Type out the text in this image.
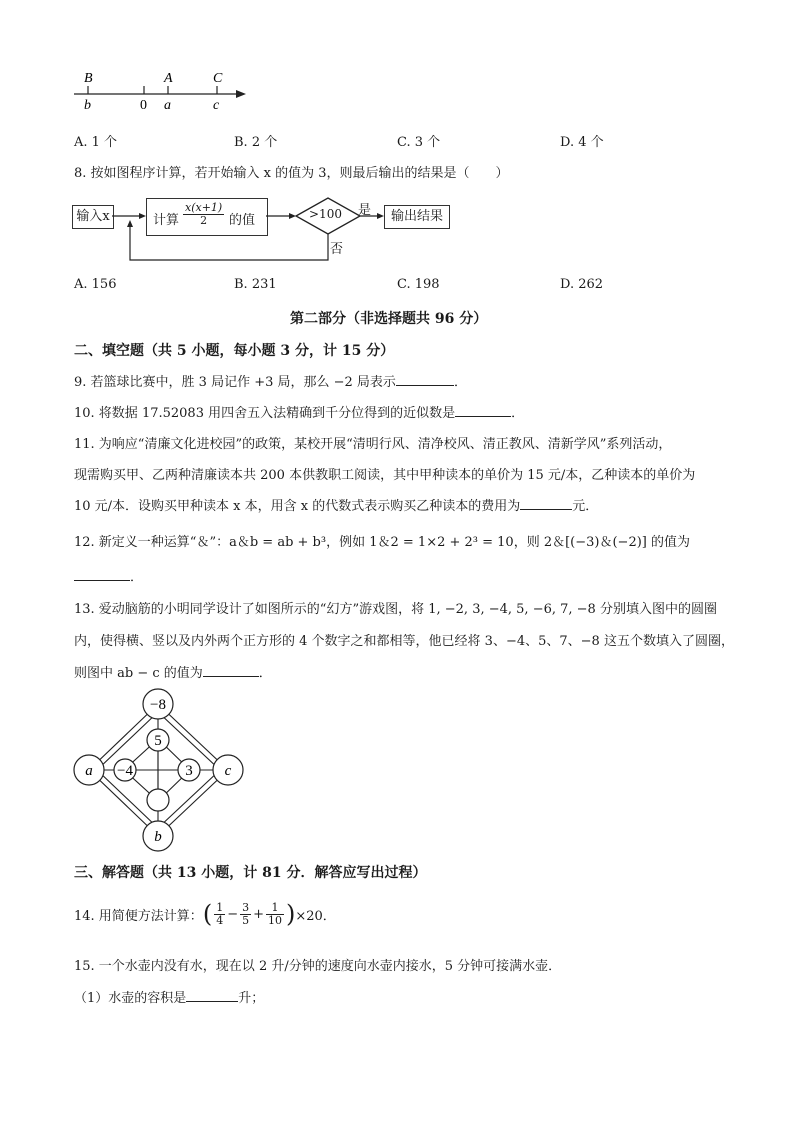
B	A	C
b	0 a	c
A. 1 个	B. 2 个	C. 3 个	D. 4 个
8. 按如图程序计算，若开始输入 x 的值为 3，则最后输出的结果是（　　）
输入x	计算 $\frac{x(x+1)}{2}$ 的值	>100 是
否
输出结果
A. 156	B. 231	C. 198	D. 262
第二部分（非选择题共 96 分）
二、填空题（共 5 小题，每小题 3 分，计 15 分）
9. 若篮球比赛中，胜 3 局记作 +3 局，那么 −2 局表示	．
10. 将数据 17.52083 用四舍五入法精确到千分位得到的近似数是	．
11. 为响应“清廉文化进校园”的政策，某校开展“清明行风、清净校风、清正教风、清新学风”系列活动，
现需购买甲、乙两种清廉读本共 200 本供教职工阅读，其中甲种读本的单价为 15 元/本，乙种读本的单价为
10 元/本．设购买甲种读本 x 本，用含 x 的代数式表示购买乙种读本的费用为	元．
12. 新定义一种运算“＆”：a＆b = ab + b³，例如 1＆2 = 1×2 + 2³ = 10，则 2＆[(−3)＆(−2)] 的值为
．
13. 爱动脑筋的小明同学设计了如图所示的“幻方”游戏图，将 1, −2, 3, −4, 5, −6, 7, −8 分别填入图中的圆圈
内，使得横、竖以及内外两个正方形的 4 个数字之和都相等，他已经将 3、−4、5、7、−8 这五个数填入了圆圈，
则图中 ab − c 的值为	．
−8
a	c
b
5
−4	3
三、解答题（共 13 小题，计 81 分．解答应写出过程）
14. 用简便方法计算： ( $\frac{1}{4} - \frac{3}{5} + \frac{1}{10}$ ) ×20．
15. 一个水壶内没有水，现在以 2 升/分钟的速度向水壶内接水，5 分钟可接满水壶．
（1）水壶的容积是	升；
